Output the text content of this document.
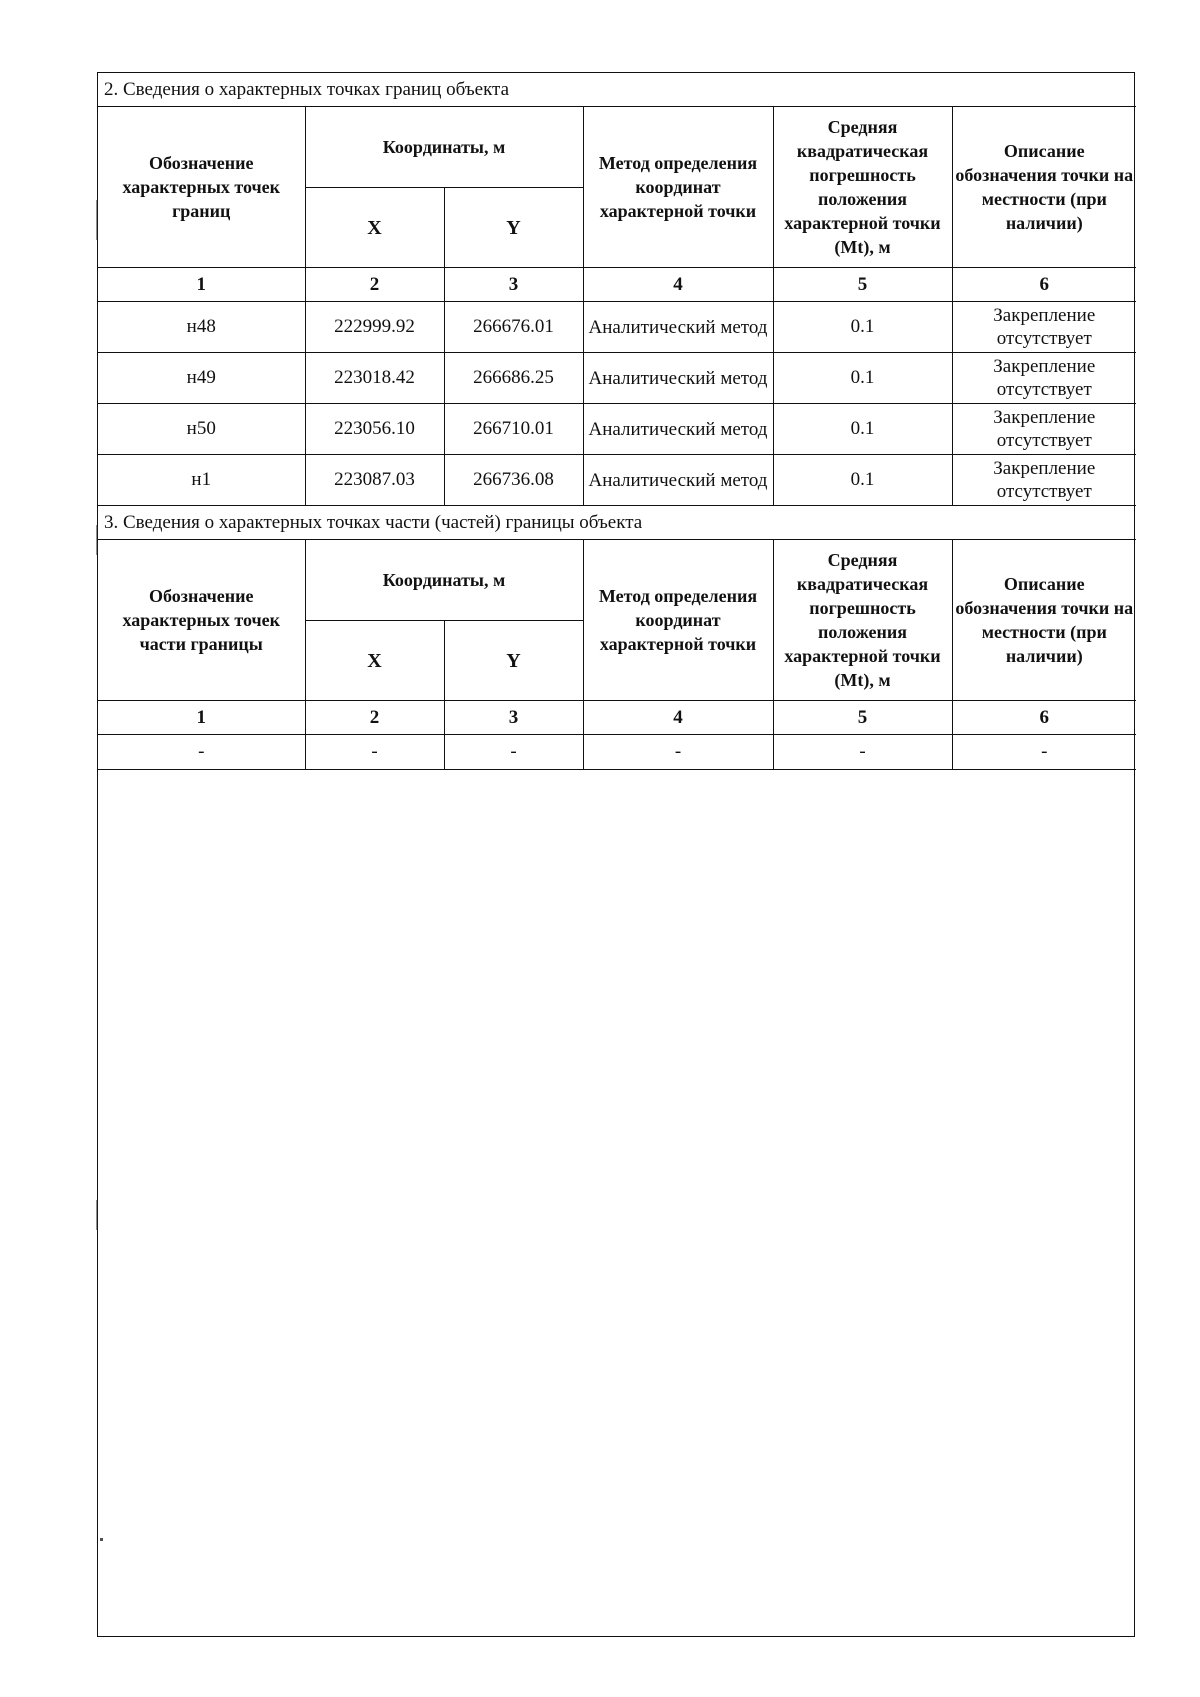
2. Сведения о характерных точках границ объекта					
Обозначение характерных точек границ	Координаты, м		Метод определения координат характерной точки	Средняя квадратическая погрешность положения характерной точки (Mt), м	Описание обозначения точки на местности (при наличии)
	X	Y			
1	2	3	4	5	6
н48	222999.92	266676.01	Аналитический метод	0.1	Закрепление отсутствует
н49	223018.42	266686.25	Аналитический метод	0.1	Закрепление отсутствует
н50	223056.10	266710.01	Аналитический метод	0.1	Закрепление отсутствует
н1	223087.03	266736.08	Аналитический метод	0.1	Закрепление отсутствует
3. Сведения о характерных точках части (частей) границы объекта					
Обозначение характерных точек части границы	Координаты, м		Метод определения координат характерной точки	Средняя квадратическая погрешность положения характерной точки (Mt), м	Описание обозначения точки на местности (при наличии)
	X	Y			
1	2	3	4	5	6
-	-	-	-	-	-
